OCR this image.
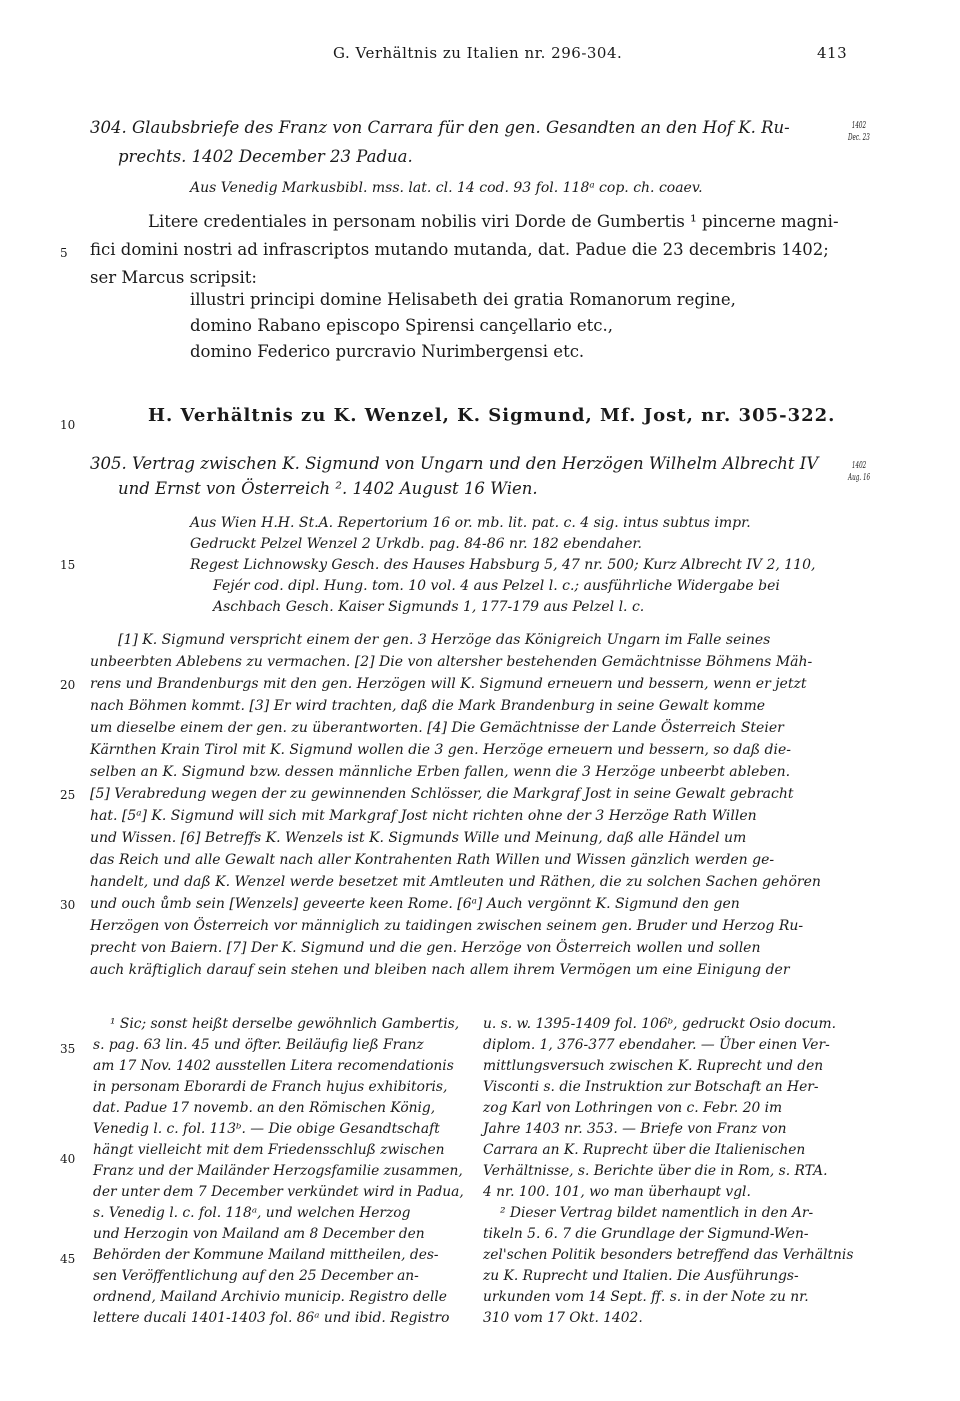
G. Verhältnis zu Italien nr. 296-304.	413
304. Glaubsbriefe des Franz von Carrara für den gen. Gesandten an den Hof K. Ru-
prechts. 1402 December 23 Padua.
1402
Dec. 23
Aus Venedig Markusbibl. mss. lat. cl. 14 cod. 93 fol. 118ᵃ cop. ch. coaev.
Litere credentiales in personam nobilis viri Dorde de Gumbertis ¹ pincerne magni-
fici domini nostri ad infrascriptos mutando mutanda, dat. Padue die 23 decembris 1402;
ser Marcus scripsit:
illustri principi domine Helisabeth dei gratia Romanorum regine,
domino Rabano episcopo Spirensi cançellario etc.,
domino Federico purcravio Nurimbergensi etc.
H. Verhältnis zu K. Wenzel, K. Sigmund, Mf. Jost, nr. 305-322.
305. Vertrag zwischen K. Sigmund von Ungarn und den Herzögen Wilhelm Albrecht IV
und Ernst von Österreich ². 1402 August 16 Wien.
1402
Aug. 16
Aus Wien H.H. St.A. Repertorium 16 or. mb. lit. pat. c. 4 sig. intus subtus impr.
Gedruckt Pelzel Wenzel 2 Urkdb. pag. 84-86 nr. 182 ebendaher.
Regest Lichnowsky Gesch. des Hauses Habsburg 5, 47 nr. 500; Kurz Albrecht IV 2, 110,
Fejér cod. dipl. Hung. tom. 10 vol. 4 aus Pelzel l. c.; ausführliche Widergabe bei
Aschbach Gesch. Kaiser Sigmunds 1, 177-179 aus Pelzel l. c.
[1] K. Sigmund verspricht einem der gen. 3 Herzöge das Königreich Ungarn im Falle seines
unbeerbten Ablebens zu vermachen. [2] Die von altersher bestehenden Gemächtnisse Böhmens Mäh-
rens und Brandenburgs mit den gen. Herzögen will K. Sigmund erneuern und bessern, wenn er jetzt
nach Böhmen kommt. [3] Er wird trachten, daß die Mark Brandenburg in seine Gewalt komme
um dieselbe einem der gen. zu überantworten. [4] Die Gemächtnisse der Lande Österreich Steier
Kärnthen Krain Tirol mit K. Sigmund wollen die 3 gen. Herzöge erneuern und bessern, so daß die-
selben an K. Sigmund bzw. dessen männliche Erben fallen, wenn die 3 Herzöge unbeerbt ableben.
[5] Verabredung wegen der zu gewinnenden Schlösser, die Markgraf Jost in seine Gewalt gebracht
hat. [5ᵃ] K. Sigmund will sich mit Markgraf Jost nicht richten ohne der 3 Herzöge Rath Willen
und Wissen. [6] Betreffs K. Wenzels ist K. Sigmunds Wille und Meinung, daß alle Händel um
das Reich und alle Gewalt nach aller Kontrahenten Rath Willen und Wissen gänzlich werden ge-
handelt, und daß K. Wenzel werde besetzet mit Amtleuten und Räthen, die zu solchen Sachen gehören
und ouch ůmb sein [Wenzels] geveerte keen Rome. [6ᵃ] Auch vergönnt K. Sigmund den gen
Herzögen von Österreich vor männiglich zu taidingen zwischen seinem gen. Bruder und Herzog Ru-
precht von Baiern. [7] Der K. Sigmund und die gen. Herzöge von Österreich wollen und sollen
auch kräftiglich darauf sein stehen und bleiben nach allem ihrem Vermögen um eine Einigung der
5
10
15
20
25
30
35
40
45
¹ Sic; sonst heißt derselbe gewöhnlich Gambertis,
s. pag. 63 lin. 45 und öfter. Beiläufig ließ Franz
am 17 Nov. 1402 ausstellen Litera recomendationis
in personam Eborardi de Franch hujus exhibitoris,
dat. Padue 17 novemb. an den Römischen König,
Venedig l. c. fol. 113ᵇ. — Die obige Gesandtschaft
hängt vielleicht mit dem Friedensschluß zwischen
Franz und der Mailänder Herzogsfamilie zusammen,
der unter dem 7 December verkündet wird in Padua,
s. Venedig l. c. fol. 118ᵃ, und welchen Herzog
und Herzogin von Mailand am 8 December den
Behörden der Kommune Mailand mittheilen, des-
sen Veröffentlichung auf den 25 December an-
ordnend, Mailand Archivio municip. Registro delle
lettere ducali 1401-1403 fol. 86ᵃ und ibid. Registro
u. s. w. 1395-1409 fol. 106ᵇ, gedruckt Osio docum.
diplom. 1, 376-377 ebendaher. — Über einen Ver-
mittlungsversuch zwischen K. Ruprecht und den
Visconti s. die Instruktion zur Botschaft an Her-
zog Karl von Lothringen von c. Febr. 20 im
Jahre 1403 nr. 353. — Briefe von Franz von
Carrara an K. Ruprecht über die Italienischen
Verhältnisse, s. Berichte über die in Rom, s. RTA.
4 nr. 100. 101, wo man überhaupt vgl.
² Dieser Vertrag bildet namentlich in den Ar-
tikeln 5. 6. 7 die Grundlage der Sigmund-Wen-
zel'schen Politik besonders betreffend das Verhältnis
zu K. Ruprecht und Italien. Die Ausführungs-
urkunden vom 14 Sept. ff. s. in der Note zu nr.
310 vom 17 Okt. 1402.
